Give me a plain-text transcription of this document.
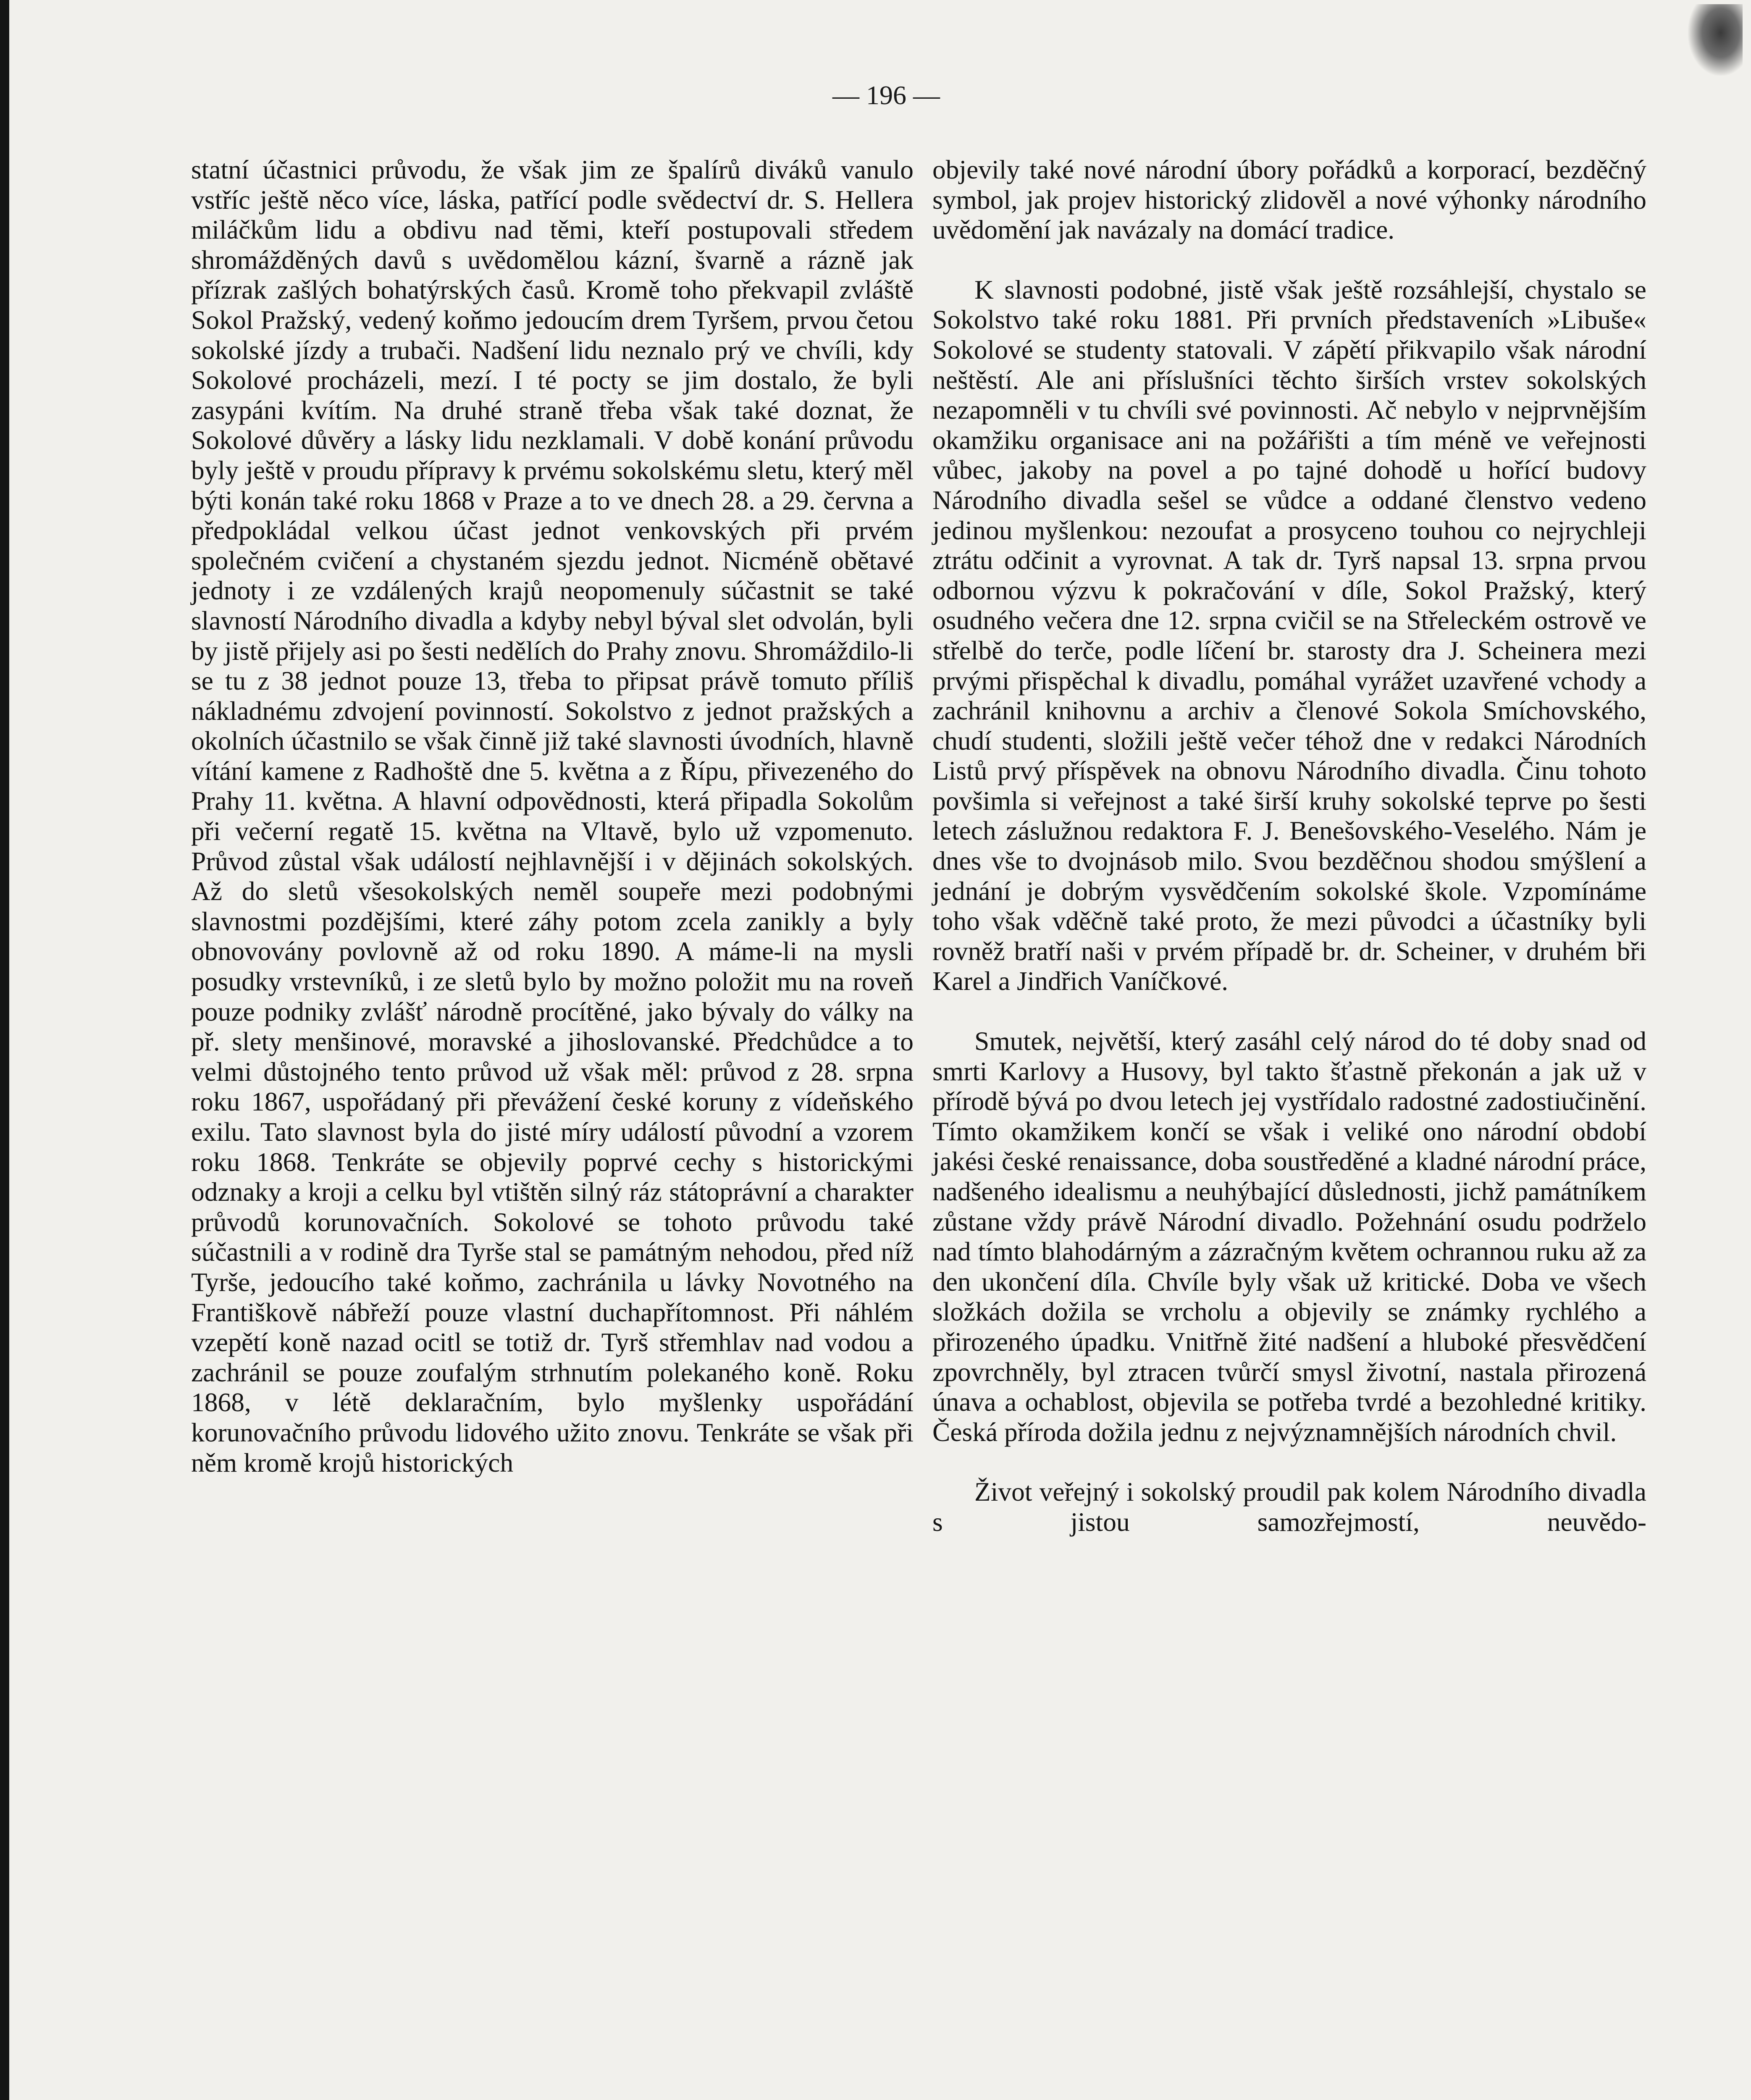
— 196 —

statní účastnici průvodu, že však jim ze špalírů diváků vanulo vstříc ještě něco více, láska, patřící podle svědectví dr. S. Hellera miláčkům lidu a obdivu nad těmi, kteří postupovali středem shromážděných davů s uvědomělou kázní, švarně a rázně jak přízrak zašlých bohatýrských časů. Kromě toho překvapil zvláště Sokol Pražský, vedený koňmo jedoucím drem Tyršem, prvou četou sokolské jízdy a trubači. Nadšení lidu neznalo prý ve chvíli, kdy Sokolové procházeli, mezí. I té pocty se jim dostalo, že byli zasypáni kvítím. Na druhé straně třeba však také doznat, že Sokolové důvěry a lásky lidu nezklamali. V době konání průvodu byly ještě v proudu přípravy k prvému sokolskému sletu, který měl býti konán také roku 1868 v Praze a to ve dnech 28. a 29. června a předpokládal velkou účast jednot venkovských při prvém společném cvičení a chystaném sjezdu jednot. Nicméně obětavé jednoty i ze vzdálených krajů neopomenuly súčastnit se také slavností Národního divadla a kdyby nebyl býval slet odvolán, byli by jistě přijely asi po šesti nedělích do Prahy znovu. Shromáždilo-li se tu z 38 jednot pouze 13, třeba to připsat právě tomuto příliš nákladnému zdvojení povinností. Sokolstvo z jednot pražských a okolních účastnilo se však činně již také slavnosti úvodních, hlavně vítání kamene z Radhoště dne 5. května a z Řípu, přivezeného do Prahy 11. května. A hlavní odpovědnosti, která připadla Sokolům při večerní regatě 15. května na Vltavě, bylo už vzpomenuto. Průvod zůstal však událostí nejhlavnější i v dějinách sokolských. Až do sletů všesokolských neměl soupeře mezi podobnými slavnostmi pozdějšími, které záhy potom zcela zanikly a byly obnovovány povlovně až od roku 1890. A máme-li na mysli posudky vrstevníků, i ze sletů bylo by možno položit mu na roveň pouze podniky zvlášť národně procítěné, jako bývaly do války na př. slety menšinové, moravské a jihoslovanské. Předchůdce a to velmi důstojného tento průvod už však měl: průvod z 28. srpna roku 1867, uspořádaný při převážení české koruny z vídeňského exilu. Tato slavnost byla do jisté míry událostí původní a vzorem roku 1868. Tenkráte se objevily poprvé cechy s historickými odznaky a kroji a celku byl vtištěn silný ráz státoprávní a charakter průvodů korunovačních. Sokolové se tohoto průvodu také súčastnili a v rodině dra Tyrše stal se památným nehodou, před níž Tyrše, jedoucího také koňmo, zachránila u lávky Novotného na Františkově nábřeží pouze vlastní duchapřítomnost. Při náhlém vzepětí koně nazad ocitl se totiž dr. Tyrš střemhlav nad vodou a zachránil se pouze zoufalým strhnutím polekaného koně. Roku 1868, v létě deklaračním, bylo myšlenky uspořádání korunovačního průvodu lidového užito znovu. Tenkráte se však při něm kromě krojů historických

objevily také nové národní úbory pořádků a korporací, bezděčný symbol, jak projev historický zlidověl a nové výhonky národního uvědomění jak navázaly na domácí tradice.

K slavnosti podobné, jistě však ještě rozsáhlejší, chystalo se Sokolstvo také roku 1881. Při prvních představeních »Libuše« Sokolové se studenty statovali. V zápětí přikvapilo však národní neštěstí. Ale ani příslušníci těchto širších vrstev sokolských nezapomněli v tu chvíli své povinnosti. Ač nebylo v nejprvnějším okamžiku organisace ani na požářišti a tím méně ve veřejnosti vůbec, jakoby na povel a po tajné dohodě u hořící budovy Národního divadla sešel se vůdce a oddané členstvo vedeno jedinou myšlenkou: nezoufat a prosyceno touhou co nejrychleji ztrátu odčinit a vyrovnat. A tak dr. Tyrš napsal 13. srpna prvou odbornou výzvu k pokračování v díle, Sokol Pražský, který osudného večera dne 12. srpna cvičil se na Střeleckém ostrově ve střelbě do terče, podle líčení br. starosty dra J. Scheinera mezi prvými přispěchal k divadlu, pomáhal vyrážet uzavřené vchody a zachránil knihovnu a archiv a členové Sokola Smíchovského, chudí studenti, složili ještě večer téhož dne v redakci Národních Listů prvý příspěvek na obnovu Národního divadla. Činu tohoto povšimla si veřejnost a také širší kruhy sokolské teprve po šesti letech záslužnou redaktora F. J. Benešovského-Veselého. Nám je dnes vše to dvojnásob milo. Svou bezděčnou shodou smýšlení a jednání je dobrým vysvědčením sokolské škole. Vzpomínáme toho však vděčně také proto, že mezi původci a účastníky byli rovněž bratří naši v prvém případě br. dr. Scheiner, v druhém bři Karel a Jindřich Vaníčkové.

Smutek, největší, který zasáhl celý národ do té doby snad od smrti Karlovy a Husovy, byl takto šťastně překonán a jak už v přírodě bývá po dvou letech jej vystřídalo radostné zadostiučinění. Tímto okamžikem končí se však i veliké ono národní období jakési české renaissance, doba soustředěné a kladné národní práce, nadšeného idealismu a neuhýbající důslednosti, jichž památníkem zůstane vždy právě Národní divadlo. Požehnání osudu podrželo nad tímto blahodárným a zázračným květem ochrannou ruku až za den ukončení díla. Chvíle byly však už kritické. Doba ve všech složkách dožila se vrcholu a objevily se známky rychlého a přirozeného úpadku. Vnitřně žité nadšení a hluboké přesvědčení zpovrchněly, byl ztracen tvůrčí smysl životní, nastala přirozená únava a ochablost, objevila se potřeba tvrdé a bezohledné kritiky. Česká příroda dožila jednu z nejvýznamnějších národních chvil.

Život veřejný i sokolský proudil pak kolem Národního divadla s jistou samozřejmostí, neuvědo-
